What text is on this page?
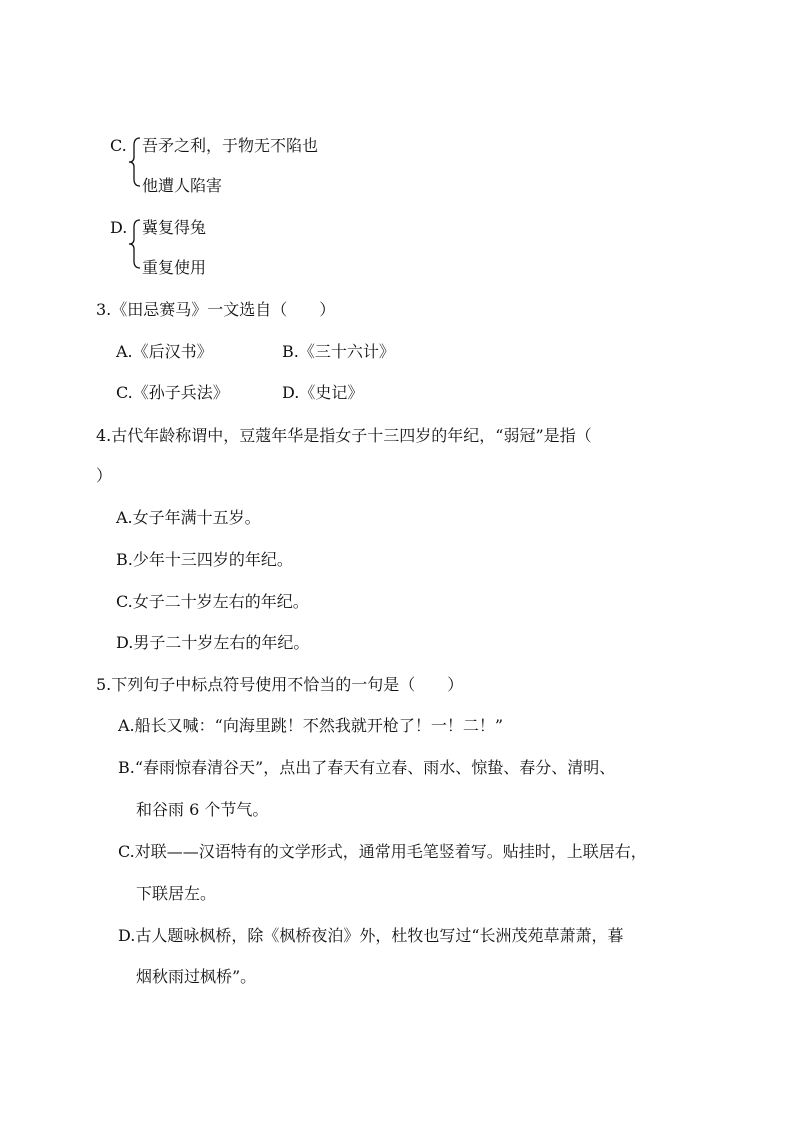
C. 吾矛之利，于物无不陷也
他遭人陷害
D. 冀复得兔
重复使用
3.《田忌赛马》一文选自（　　）
A.《后汉书》	B.《三十六计》
C.《孙子兵法》	D.《史记》
4.古代年龄称谓中，豆蔻年华是指女子十三四岁的年纪，“弱冠”是指（
）
A.女子年满十五岁。
B.少年十三四岁的年纪。
C.女子二十岁左右的年纪。
D.男子二十岁左右的年纪。
5.下列句子中标点符号使用不恰当的一句是（　　）
A.船长又喊：“向海里跳！不然我就开枪了！一！二！”
B.“春雨惊春清谷天”，点出了春天有立春、雨水、惊蛰、春分、清明、
和谷雨 6 个节气。
C.对联——汉语特有的文学形式，通常用毛笔竖着写。贴挂时，上联居右，
下联居左。
D.古人题咏枫桥，除《枫桥夜泊》外，杜牧也写过“长洲茂苑草萧萧，暮
烟秋雨过枫桥”。
